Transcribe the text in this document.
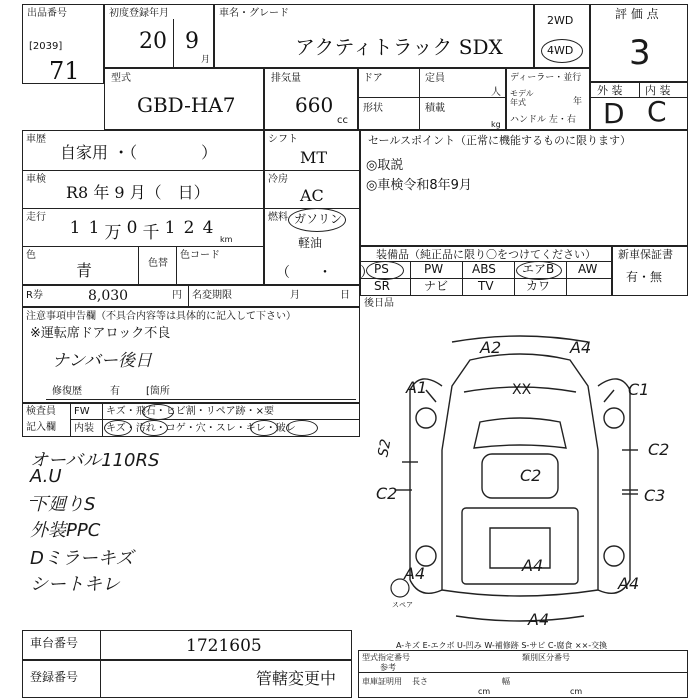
出品番号
[2039]
71
初度登録年月
20 9
月
車名・グレード
アクティトラック SDX
2WD
4WD
評 価 点
3
型式
GBD-HA7
排気量
660
cc
ドア	定員
人
形状	積載
kg
ディーラー・並行
モデル
年式	年
ハンドル 左・右
外 装 内 装
D C
車歴
自家用 ・（　　　　）
車検
R8 年 9 月（　日）
走行
1 1 万 0 千 1 2 4
km
色
青	色替
色コード
シフト
MT
冷房
AC
燃料 ガソリン
軽油
（　　・　　）
セールスポイント（正常に機能するものに限ります）
◎取説
◎車検令和8年9月
装備品（純正品に限り〇をつけてください）
PS	PW ABS エアB AW
SR	ナビ TV	カワ
新車保証書
有・無
R券	8,030	円 名変期限	月	日
注意事項申告欄（不具合内容等は具体的に記入して下さい）
※運転席ドアロック不良
ナンバー後日
修復歴	有	[箇所
後日品
検査員
記入欄
FW キズ・飛石・ヒビ割・リペア跡・×要
内装 キズ・汚れ・コゲ・穴・スレ・キレ・破レ
オーバル110RS
A.U
下廻りS
外装PPC
Dミラーキズ
シートキレ
スペア
A2	A4
A1	XX	C1
S2	C2
C2
C2	C3
A4	A4
A4
A4
A-キズ E-エクボ U-凹み W-補修跡 S-サビ C-腐食 ××-交換
車台番号	1721605
登録番号	管轄変更中
型式指定番号	類別区分番号
参考
車庫証明用 長さ	幅
cm	cm
